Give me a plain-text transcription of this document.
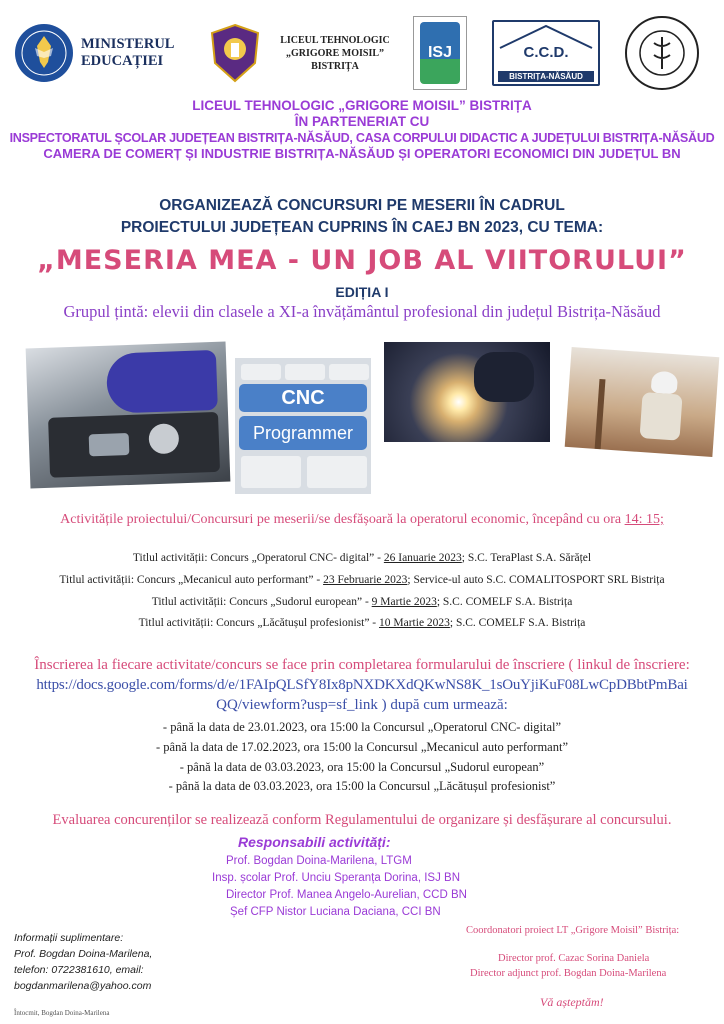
MINISTERUL EDUCAȚIEI
LICEUL TEHNOLOGIC „GRIGORE MOISIL” BISTRIȚA
ISJ	C.C.D.
BISTRIȚA-NĂSĂUD
LICEUL TEHNOLOGIC „GRIGORE MOISIL” BISTRIȚA
ÎN PARTENERIAT CU
INSPECTORATUL ȘCOLAR JUDEȚEAN BISTRIȚA-NĂSĂUD, CASA CORPULUI DIDACTIC A JUDEȚULUI BISTRIȚA-NĂSĂUD
CAMERA DE COMERȚ ȘI INDUSTRIE BISTRIȚA-NĂSĂUD ȘI OPERATORI ECONOMICI DIN JUDEȚUL BN
ORGANIZEAZĂ CONCURSURI PE MESERII ÎN CADRUL
PROIECTULUI JUDEȚEAN CUPRINS ÎN CAEJ BN 2023, CU TEMA:
„MESERIA MEA - UN JOB AL VIITORULUI”
EDIȚIA I
Grupul țintă: elevii din clasele a XI-a învățământul profesional din județul Bistrița-Năsăud
CNC
Programmer
Activitățile proiectului/Concursuri pe meserii/se desfășoară la operatorul economic, începând cu ora 14: 15;
Titlul activității: Concurs „Operatorul CNC- digital” - 26 Ianuarie 2023; S.C. TeraPlast S.A. Sărățel
Titlul activității: Concurs „Mecanicul auto performant” - 23 Februarie 2023; Service-ul auto S.C. COMALITOSPORT SRL Bistrița
Titlul activității: Concurs „Sudorul european” - 9 Martie 2023; S.C. COMELF S.A. Bistrița
Titlul activității: Concurs „Lăcătușul profesionist” - 10 Martie 2023; S.C. COMELF S.A. Bistrița
Înscrierea la fiecare activitate/concurs se face prin completarea formularului de înscriere ( linkul de înscriere:
https://docs.google.com/forms/d/e/1FAIpQLSfY8Ix8pNXDKXdQKwNS8K_1sOuYjiKuF08LwCpDBbtPmBai
QQ/viewform?usp=sf_link ) după cum urmează:
- până la data de 23.01.2023, ora 15:00 la Concursul „Operatorul CNC- digital”
- până la data de 17.02.2023, ora 15:00 la Concursul „Mecanicul auto performant”
- până la data de 03.03.2023, ora 15:00 la Concursul „Sudorul european”
- până la data de 03.03.2023, ora 15:00 la Concursul „Lăcătușul profesionist”
Evaluarea concurenților se realizează conform Regulamentului de organizare și desfășurare al concursului.
Responsabili activități:
Prof. Bogdan Doina-Marilena, LTGM
Insp. școlar Prof. Unciu Speranța Dorina, ISJ BN
Director Prof. Manea Angelo-Aurelian, CCD BN
Șef CFP Nistor Luciana Daciana, CCI BN
Informații suplimentare:
Prof. Bogdan Doina-Marilena,
telefon: 0722381610, email:
bogdanmarilena@yahoo.com
Coordonatori proiect LT „Grigore Moisil” Bistrița:
Director prof. Cazac Sorina Daniela
Director adjunct prof. Bogdan Doina-Marilena
Vă așteptăm!
Întocmit, Bogdan Doina-Marilena
